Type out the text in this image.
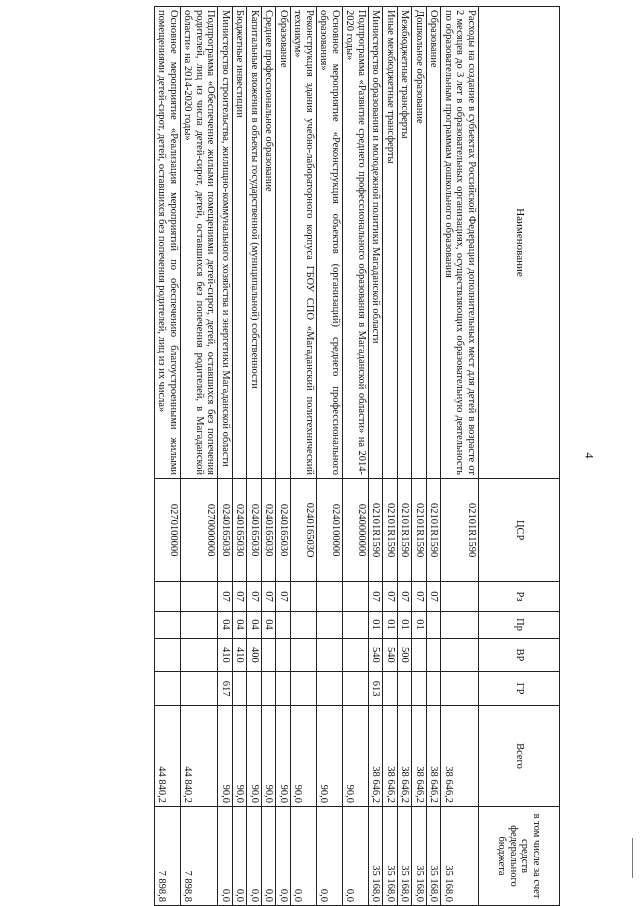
4
Наименование	ЦСР	Рз	Пр	ВР	ГР	Всего	в том числе за счет средств федерального бюджета
Расходы на создание в субъектах Российской Федерации дополнительных мест для детей в возрасте от 2 месяцев до 3 лет в образовательных организациях, осуществляющих образовательную деятельность по образовательным программам дошкольного образования	02101R1590					38 646,2	35 168,0
Образование	02101R1590	07				38 646,2	35 168,0
Дошкольное образование	02101R1590	07	01			38 646,2	35 168,0
Межбюджетные трансферты	02101R1590	07	01	500		38 646,2	35 168,0
Иные межбюджетные трансферты	02101R1590	07	01	540		38 646,2	35 168,0
Министерство образования и молодежной политики Магаданской области	02101R1590	07	01	540	613	38 646,2	35 168,0
Подпрограмма «Развитие среднего профессионального образования в Магаданской области» на 2014-2020 годы»	0240000000					90,0	0,0
Основное мероприятие «Реконструкция объектов (организаций) среднего профессионального образования»	0240100000					90,0	0,0
Реконструкция здания учебно-лабораторного корпуса ГБОУ СПО «Магаданский политехнический техникум»	024016503О					90,0	0,0
Образование	0240165030	07				90,0	0,0
Среднее профессиональное образование	0240165030	07	04			90,0	0,0
Капитальные вложения в объекты государственной (муниципальной) собственности	0240165030	07	04	400		90,0	0,0
Бюджетные инвестиции	0240165030	07	04	410		90,0	0,0
Министерство строительства, жилищно-коммунального хозяйства и энергетики Магаданской области	0240165030	07	04	410	617	90,0	0,0
Подпрограмма «Обеспечение жилыми помещениями детей-сирот, детей, оставшихся без попечения родителей, лиц из числа детей-сирот, детей, оставшихся без попечения родителей, в Магаданской области» на 2014-2020 годы»	0270000000					44 840,2	7 898,8
Основное мероприятие «Реализация мероприятий по обеспечению благоустроенными жилыми помещениями детей-сирот, детей, оставшихся без попечения родителей, лиц из их числа»	0270100000					44 840,2	7 898,8
